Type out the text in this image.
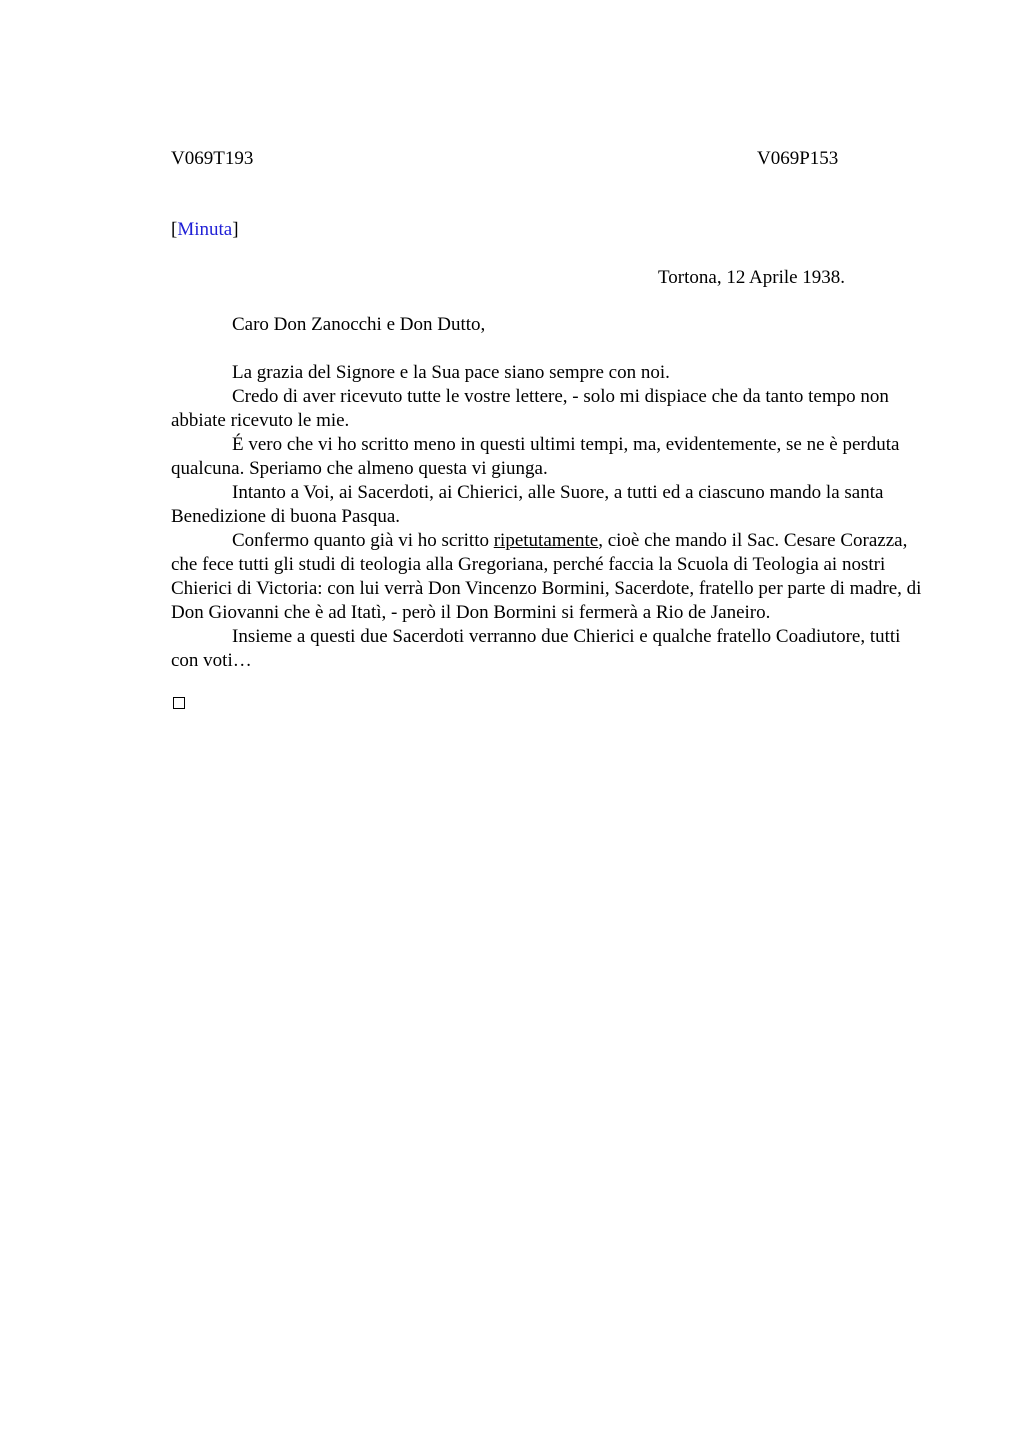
V069T193	V069P153
[Minuta]
Tortona, 12 Aprile 1938.
Caro Don Zanocchi e Don Dutto,

La grazia del Signore e la Sua pace siano sempre con noi.

Credo di aver ricevuto tutte le vostre lettere, - solo mi dispiace che da tanto tempo non abbiate ricevuto le mie.

É vero che vi ho scritto meno in questi ultimi tempi, ma, evidentemente, se ne è perduta qualcuna. Speriamo che almeno questa vi giunga.

Intanto a Voi, ai Sacerdoti, ai Chierici, alle Suore, a tutti ed a ciascuno mando la santa Benedizione di buona Pasqua.

Confermo quanto già vi ho scritto ripetutamente, cioè che mando il Sac. Cesare Corazza, che fece tutti gli studi di teologia alla Gregoriana, perché faccia la Scuola di Teologia ai nostri Chierici di Victoria: con lui verrà Don Vincenzo Bormini, Sacerdote, fratello per parte di madre, di Don Giovanni che è ad Itatì, - però il Don Bormini si fermerà a Rio de Janeiro.

Insieme a questi due Sacerdoti verranno due Chierici e qualche fratello Coadiutore, tutti con voti…
